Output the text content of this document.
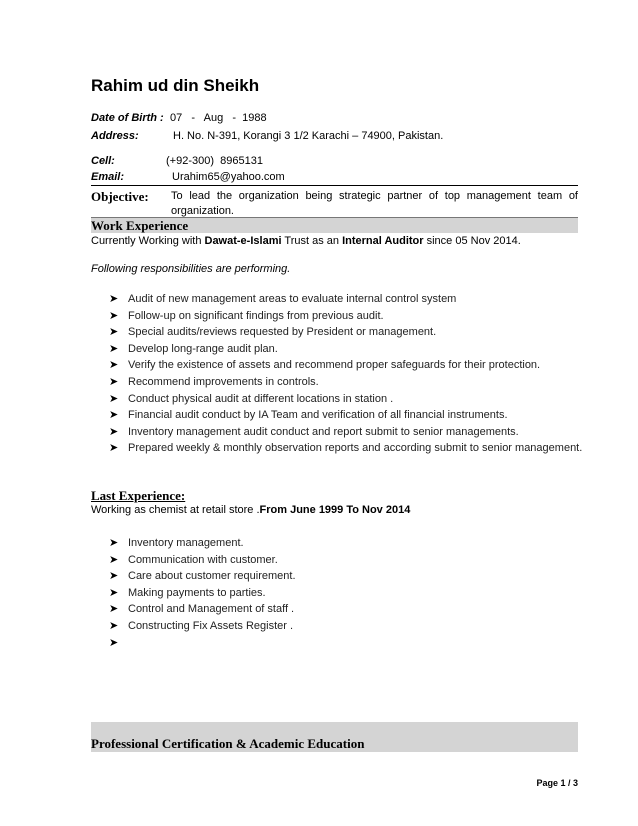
Rahim ud din Sheikh
Date of Birth : 07   -   Aug   -  1988
Address:	H. No. N-391, Korangi 3 1/2 Karachi – 74900, Pakistan.
Cell:	(+92-300)  8965131
Email:	Urahim65@yahoo.com
Objective: To lead the organization being strategic partner of top management team of
organization.
Work Experience
Currently Working with Dawat-e-Islami Trust as an Internal Auditor since 05 Nov 2014.
Following responsibilities are performing.
➤ Audit of new management areas to evaluate internal control system
➤ Follow-up on significant findings from previous audit.
➤ Special audits/reviews requested by President or management.
➤ Develop long-range audit plan.
➤ Verify the existence of assets and recommend proper safeguards for their protection.
➤ Recommend improvements in controls.
➤ Conduct physical audit at different locations in station .
➤ Financial audit conduct by IA Team and verification of all financial instruments.
➤ Inventory management audit conduct and report submit to senior managements.
➤ Prepared weekly & monthly observation reports and according submit to senior management.
Last Experience:
Working as chemist at retail store .From June 1999 To Nov 2014
➤ Inventory management.
➤ Communication with customer.
➤ Care about customer requirement.
➤ Making payments to parties.
➤ Control and Management of staff .
➤ Constructing Fix Assets Register .
➤
Professional Certification & Academic Education
Page 1 / 3
